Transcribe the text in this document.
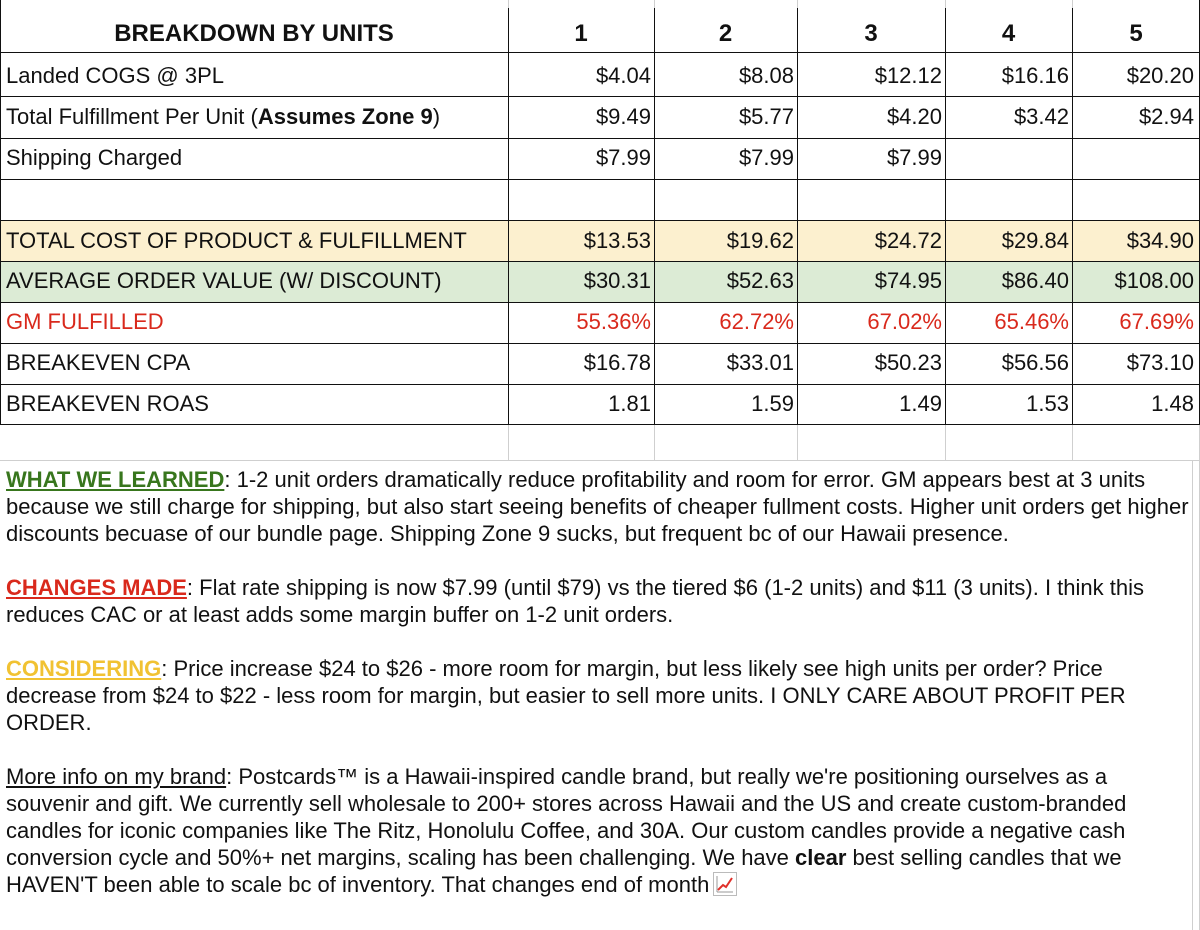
BREAKDOWN BY UNITS	1	2	3	4	5
Landed COGS @ 3PL	$4.04	$8.08	$12.12	$16.16	$20.20
Total Fulfillment Per Unit (Assumes Zone 9)	$9.49	$5.77	$4.20	$3.42	$2.94
Shipping Charged	$7.99	$7.99	$7.99
TOTAL COST OF PRODUCT & FULFILLMENT	$13.53	$19.62	$24.72	$29.84	$34.90
AVERAGE ORDER VALUE (W/ DISCOUNT)	$30.31	$52.63	$74.95	$86.40	$108.00
GM FULFILLED	55.36%	62.72%	67.02%	65.46%	67.69%
BREAKEVEN CPA	$16.78	$33.01	$50.23	$56.56	$73.10
BREAKEVEN ROAS	1.81	1.59	1.49	1.53	1.48

WHAT WE LEARNED: 1-2 unit orders dramatically reduce profitability and room for error. GM appears best at 3 units because we still charge for shipping, but also start seeing benefits of cheaper fullment costs. Higher unit orders get higher discounts becuase of our bundle page. Shipping Zone 9 sucks, but frequent bc of our Hawaii presence.

CHANGES MADE: Flat rate shipping is now $7.99 (until $79) vs the tiered $6 (1-2 units) and $11 (3 units). I think this reduces CAC or at least adds some margin buffer on 1-2 unit orders.

CONSIDERING: Price increase $24 to $26 - more room for margin, but less likely see high units per order? Price decrease from $24 to $22 - less room for margin, but easier to sell more units. I ONLY CARE ABOUT PROFIT PER ORDER.

More info on my brand: Postcards™ is a Hawaii-inspired candle brand, but really we're positioning ourselves as a souvenir and gift. We currently sell wholesale to 200+ stores across Hawaii and the US and create custom-branded candles for iconic companies like The Ritz, Honolulu Coffee, and 30A. Our custom candles provide a negative cash conversion cycle and 50%+ net margins, scaling has been challenging. We have clear best selling candles that we HAVEN'T been able to scale bc of inventory. That changes end of month
